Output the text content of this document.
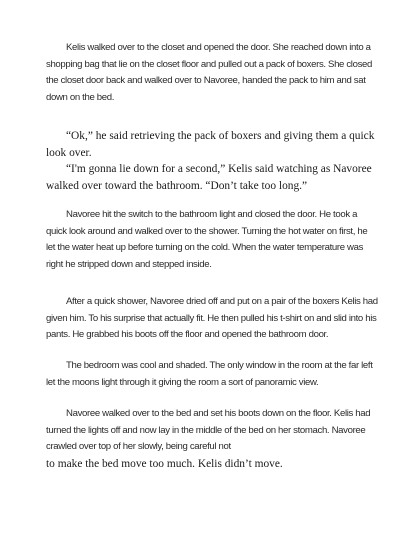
Kelis walked over to the closet and opened the door. She reached down into a shopping bag that lie on the closet floor and pulled out a pack of boxers. She closed the closet door back and walked over to Navoree, handed the pack to him and sat down on the bed.

“Ok,” he said retrieving the pack of boxers and giving them a quick look over.

“I'm gonna lie down for a second,” Kelis said watching as Navoree walked over toward the bathroom. “Don’t take too long.”

Navoree hit the switch to the bathroom light and closed the door. He took a quick look around and walked over to the shower. Turning the hot water on first, he let the water heat up before turning on the cold. When the water temperature was right he stripped down and stepped inside.

After a quick shower, Navoree dried off and put on a pair of the boxers Kelis had given him. To his surprise that actually fit. He then pulled his t-shirt on and slid into his pants. He grabbed his boots off the floor and opened the bathroom door.

The bedroom was cool and shaded. The only window in the room at the far left let the moons light through it giving the room a sort of panoramic view.

Navoree walked over to the bed and set his boots down on the floor. Kelis had turned the lights off and now lay in the middle of the bed on her stomach. Navoree crawled over top of her slowly, being careful not

to make the bed move too much. Kelis didn’t move.
